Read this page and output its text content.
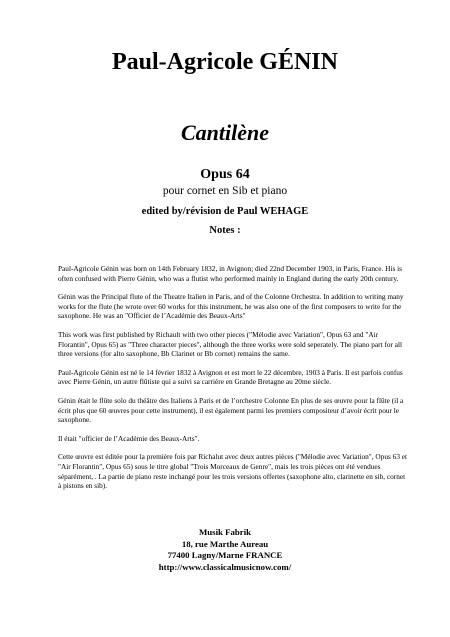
Paul-Agricole GÉNIN
Cantilène
Opus 64
pour cornet en Sib et piano
edited by/révision de Paul WEHAGE
Notes :

Paul-Agricole Génin was born on 14th February 1832, in Avignon; died 22nd December 1903, in Paris, France. His is often confused with Pierre Génin, who was a flutist who performed mainly in England during the early 20th century.

Génin was the Principal flute of the Theatre Italien in Paris, and of the Colonne Orchestra. In addition to writing many works for the flute (he wrote over 60 works for this instrument, he was also one of the first composers to write for the saxophone. He was an "Officier de l’Académie des Beaux-Arts"

This work was first published by Richault with two other pieces ("Mélodie avec Variation", Opus 63 and "Air Florantin", Opus 65) as "Three character pieces", although the three works were sold seperately. The piano part for all three versions (for alto saxophone, Bb Clarinet or Bb cornet) remains the same.

Paul-Agricole Génin est né le 14 février 1832 à Avignon et est mort le 22 décembre, 1903 à Paris. Il est parfois confus avec Pierre Génin, un autre flûtiste qui a suivi sa carrière en Grande Bretagne au 20me siècle.

Génin était le flûte solo du théâtre des Italiens à Paris et de l’orchestre Colonne En plus de ses œuvre pour la flûte (il a écrit plus que 60 œuvres pour cette instrument), il est également parmi les premiers compositeur d’avoir écrit pour le saxophone.

Il était "officier de l’Académie des Beaux-Arts".

Cette œuvre est éditée pour la première fois par Richalut avec deux autres pièces ("Mélodie avec Variation", Opus 63 et "Air Florantin", Opus 65) sous le titre global "Trois Morceaux de Genre", mais les trois pièces ont été vendues séparément, . La partie de piano reste inchangé pour les trois versions offertes (saxophone alto, clarinette en sib, cornet à pistons en sib).

Musik Fabrik
18, rue Marthe Aureau
77400 Lagny/Marne FRANCE
http://www.classicalmusicnow.com/
